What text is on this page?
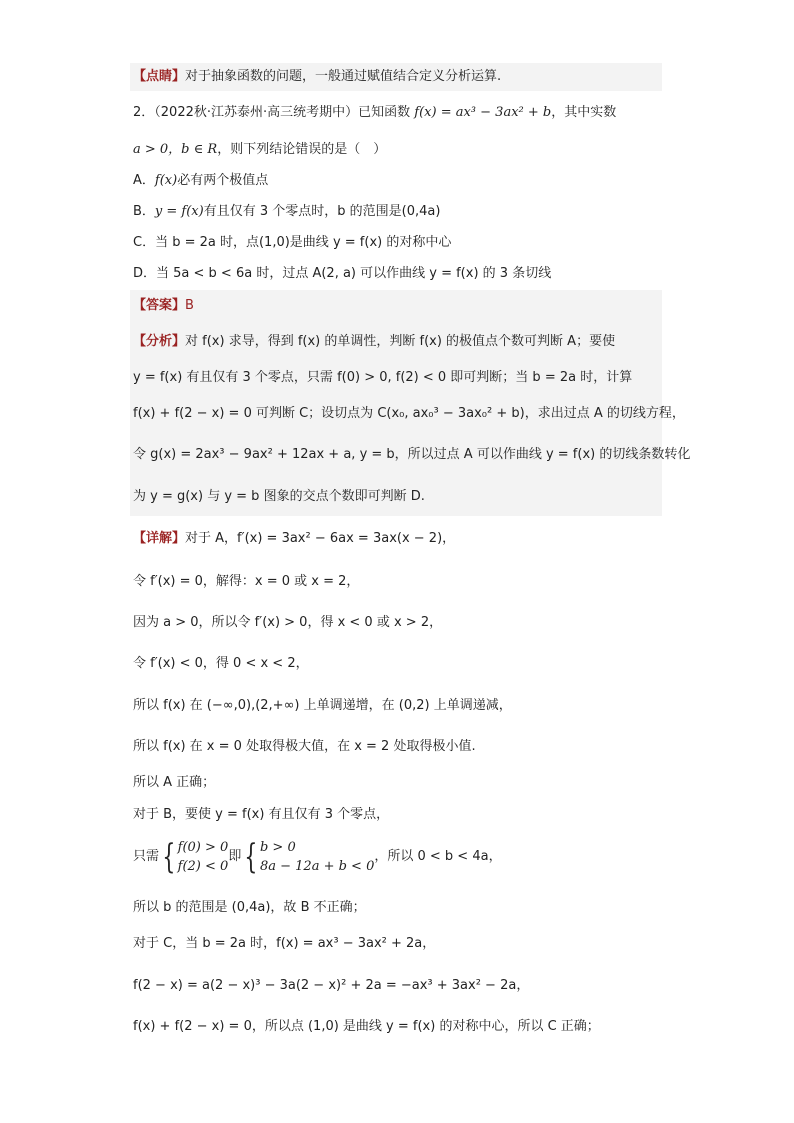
【点睛】对于抽象函数的问题，一般通过赋值结合定义分析运算.
2．（2022秋·江苏泰州·高三统考期中）已知函数 f(x) = ax³ − 3ax² + b，其中实数
a > 0，b ∈ R，则下列结论错误的是（　）
A．f(x)必有两个极值点
B．y = f(x)有且仅有 3 个零点时，b 的范围是(0,4a)
C．当 b = 2a 时，点(1,0)是曲线 y = f(x) 的对称中心
D．当 5a < b < 6a 时，过点 A(2, a) 可以作曲线 y = f(x) 的 3 条切线
【答案】B
【分析】对 f(x) 求导，得到 f(x) 的单调性，判断 f(x) 的极值点个数可判断 A；要使
y = f(x) 有且仅有 3 个零点，只需 f(0) > 0, f(2) < 0 即可判断；当 b = 2a 时，计算
f(x) + f(2 − x) = 0 可判断 C；设切点为 C(x₀, ax₀³ − 3ax₀² + b)，求出过点 A 的切线方程，
令 g(x) = 2ax³ − 9ax² + 12ax + a, y = b，所以过点 A 可以作曲线 y = f(x) 的切线条数转化
为 y = g(x) 与 y = b 图象的交点个数即可判断 D.
【详解】对于 A，f′(x) = 3ax² − 6ax = 3ax(x − 2)，
令 f′(x) = 0，解得：x = 0 或 x = 2，
因为 a > 0，所以令 f′(x) > 0，得 x < 0 或 x > 2，
令 f′(x) < 0，得 0 < x < 2，
所以 f(x) 在 (−∞,0),(2,+∞) 上单调递增，在 (0,2) 上单调递减，
所以 f(x) 在 x = 0 处取得极大值，在 x = 2 处取得极小值.
所以 A 正确；
对于 B，要使 y = f(x) 有且仅有 3 个零点，
只需{ f(0) > 0
f(2) < 0即{ b > 0
8a − 12a + b < 0，所以 0 < b < 4a，
所以 b 的范围是 (0,4a)，故 B 不正确；
对于 C，当 b = 2a 时，f(x) = ax³ − 3ax² + 2a，
f(2 − x) = a(2 − x)³ − 3a(2 − x)² + 2a = −ax³ + 3ax² − 2a，
f(x) + f(2 − x) = 0，所以点 (1,0) 是曲线 y = f(x) 的对称中心，所以 C 正确；
